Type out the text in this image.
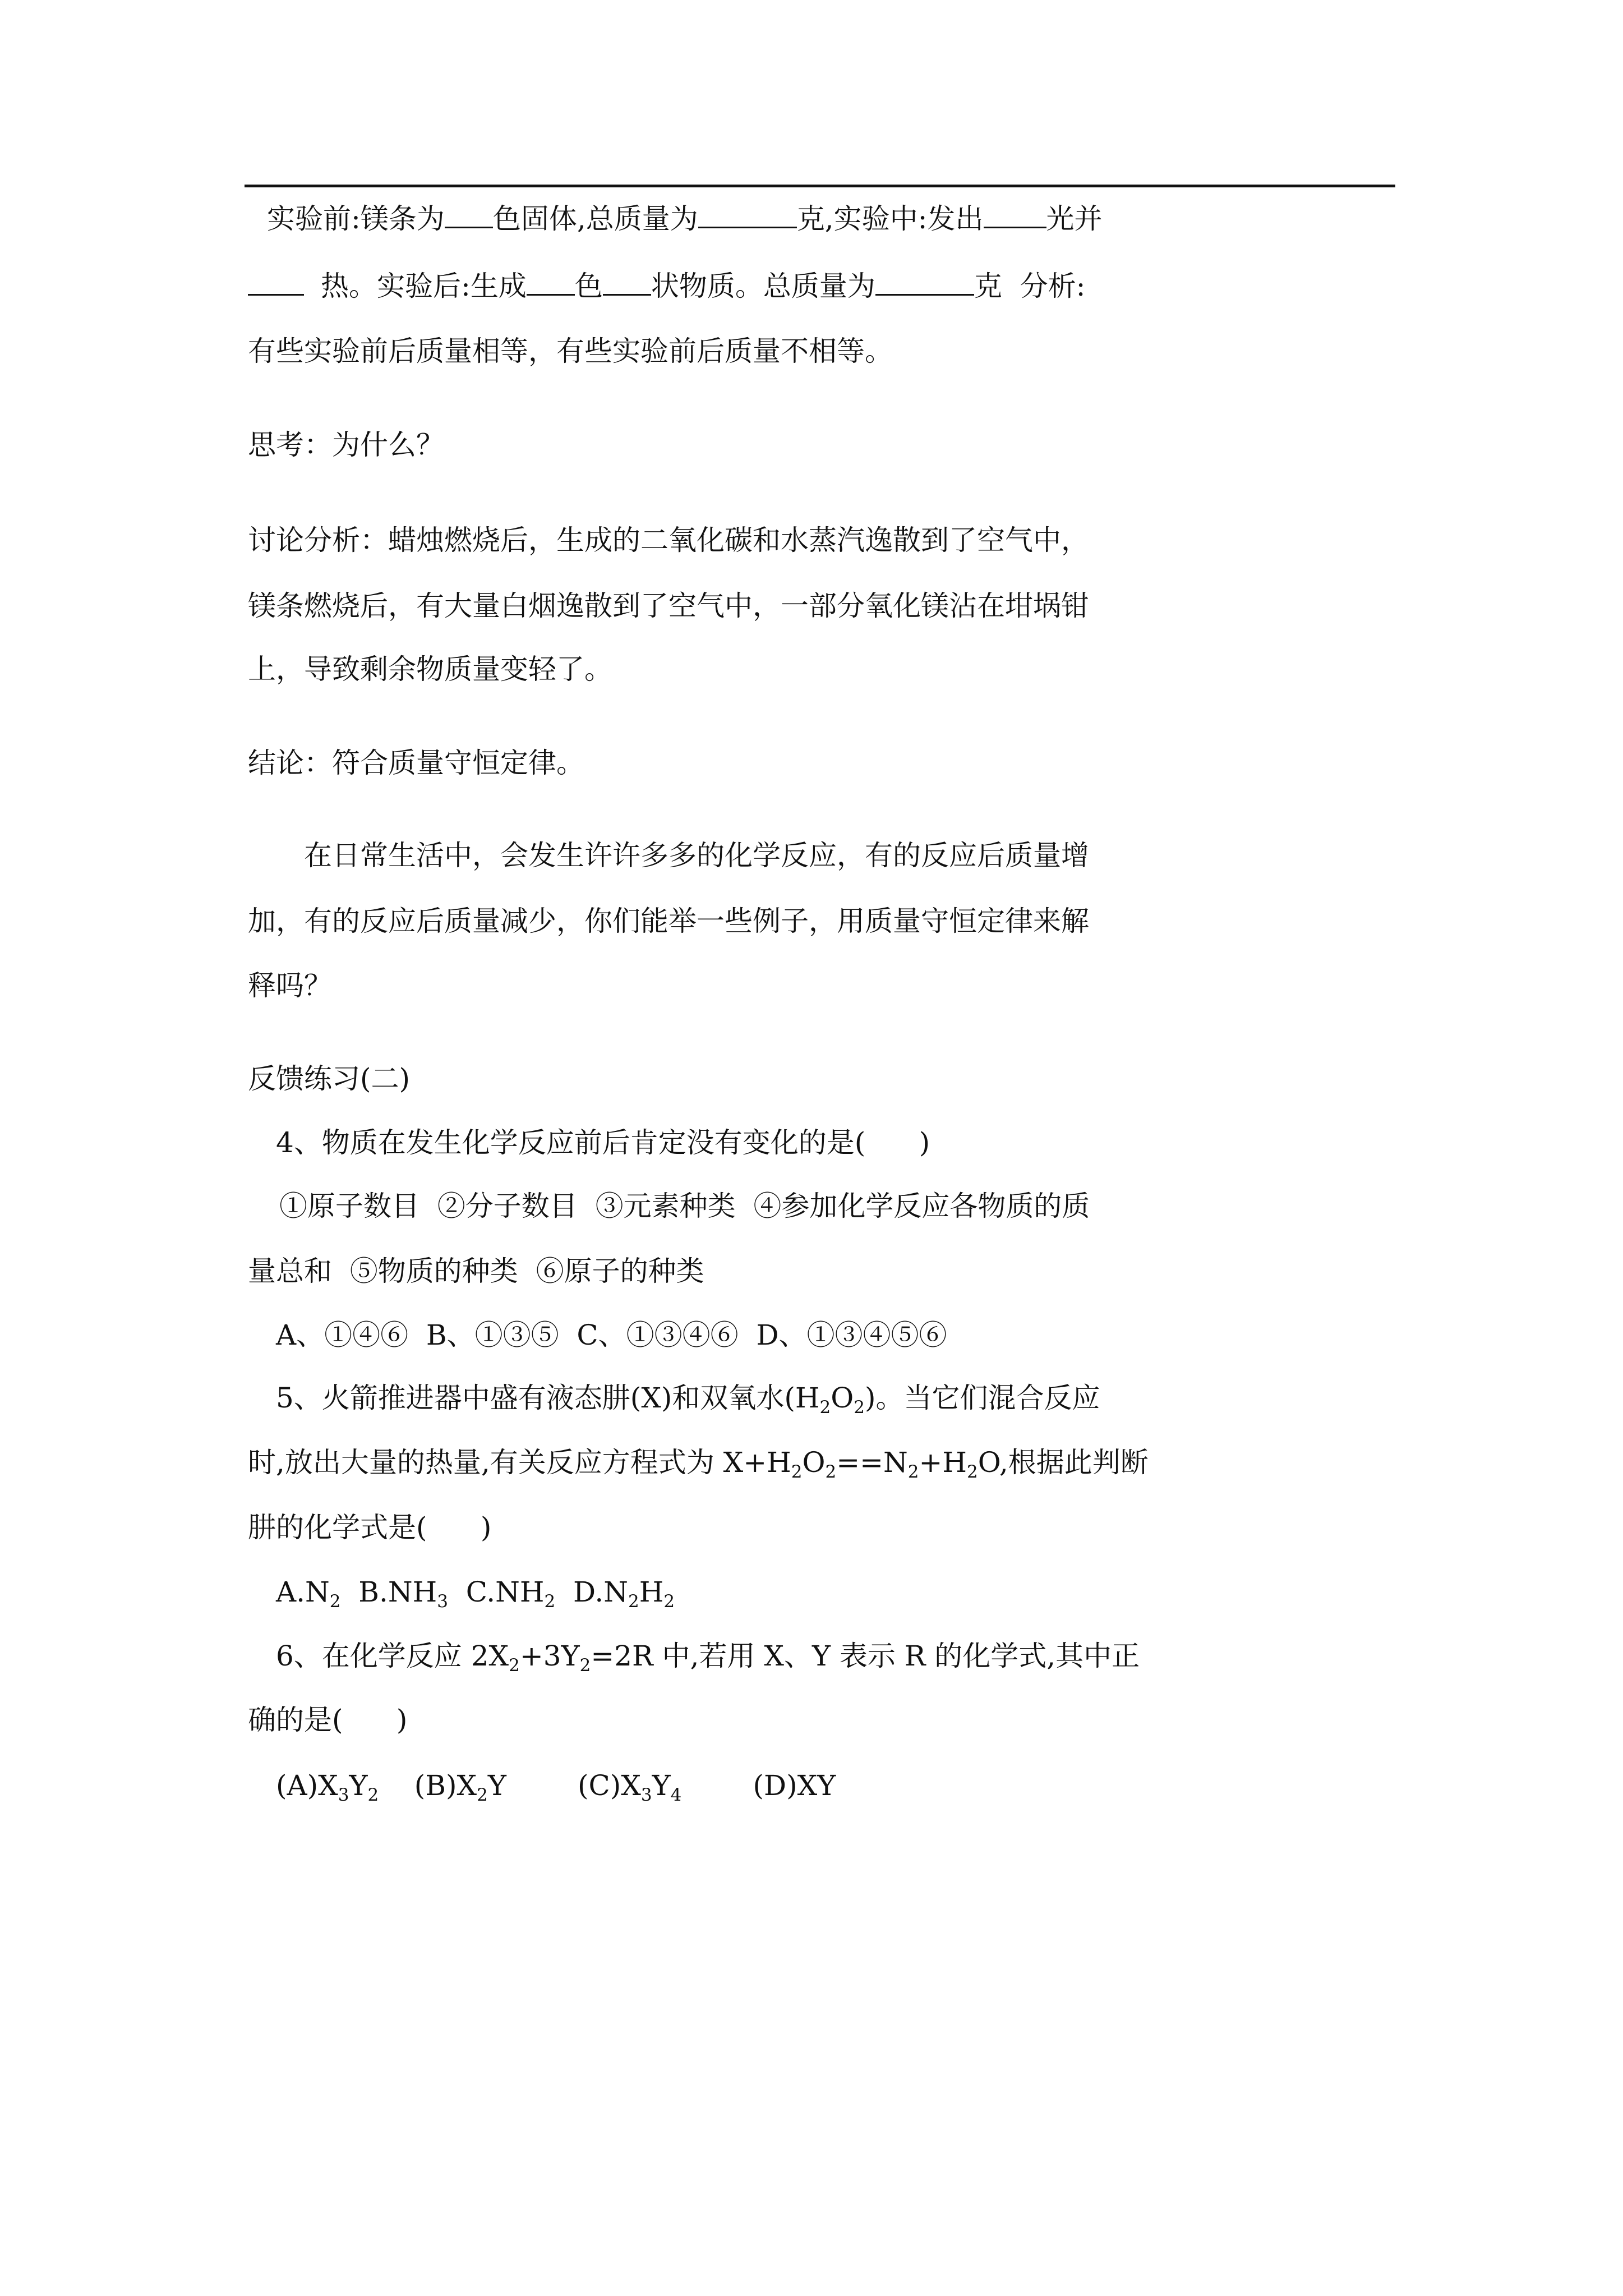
实验前:镁条为 色固体,总质量为	克,实验中:发出 光并
热。实验后:生成 色 状物质。总质量为	克  分析:
有些实验前后质量相等，有些实验前后质量不相等。
思考：为什么？
讨论分析：蜡烛燃烧后，生成的二氧化碳和水蒸汽逸散到了空气中，
镁条燃烧后，有大量白烟逸散到了空气中，一部分氧化镁沾在坩埚钳
上，导致剩余物质量变轻了。
结论：符合质量守恒定律。
在日常生活中，会发生许许多多的化学反应，有的反应后质量增
加，有的反应后质量减少，你们能举一些例子，用质量守恒定律来解
释吗？
反馈练习(二)
4、物质在发生化学反应前后肯定没有变化的是(      )
①原子数目  ②分子数目  ③元素种类  ④参加化学反应各物质的质
量总和  ⑤物质的种类  ⑥原子的种类
A、①④⑥  B、①③⑤  C、①③④⑥  D、①③④⑤⑥
5、火箭推进器中盛有液态肼(X)和双氧水$(H_2O_2)$。当它们混合反应
时,放出大量的热量,有关反应方程式为 $X+H_2O_2==N_2+H_2O$,根据此判断
肼的化学式是(      )
$A.N_2$  $B.NH_3$  $C.NH_2$  $D.N_2H_2$
6、在化学反应 $2X_2+3Y_2=2R$ 中,若用 X、Y 表示 R 的化学式,其中正
确的是(      )
$(A)X_3Y_2$    $(B)X_2Y$        $(C)X_3Y_4$        (D)XY
